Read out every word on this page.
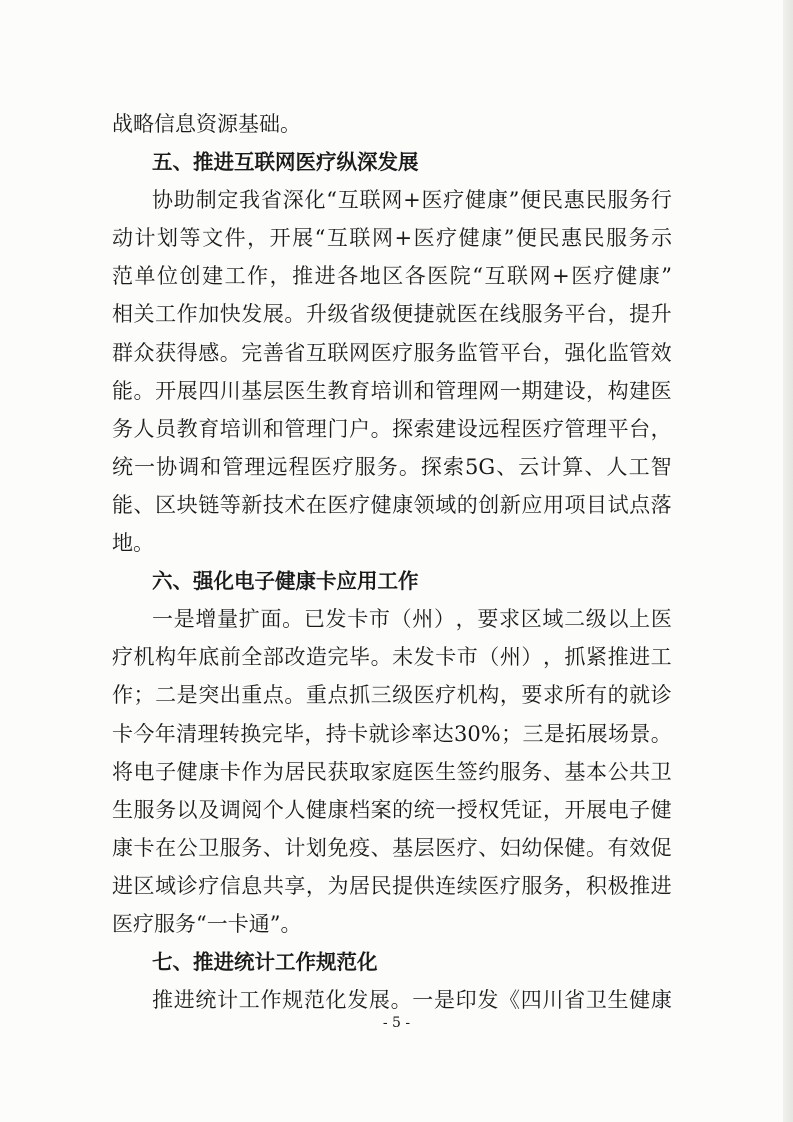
战略信息资源基础。
五、推进互联网医疗纵深发展
协 助 制 定 我 省 深 化 “ 互 联 网 + 医 疗 健 康 ” 便 民 惠 民 服 务 行
动 计 划 等 文 件 ， 开 展 “ 互 联 网 + 医 疗 健 康 ” 便 民 惠 民 服 务 示
范 单 位 创 建 工 作 ， 推 进 各 地 区 各 医 院 “ 互 联 网 + 医 疗 健 康 ”
相 关 工 作 加 快 发 展 。 升 级 省 级 便 捷 就 医 在 线 服 务 平 台 ， 提 升
群 众 获 得 感 。 完 善 省 互 联 网 医 疗 服 务 监 管 平 台 ， 强 化 监 管 效
能 。 开 展 四 川 基 层 医 生 教 育 培 训 和 管 理 网 一 期 建 设 ， 构 建 医
务 人 员 教 育 培 训 和 管 理 门 户 。 探 索 建 设 远 程 医 疗 管 理 平 台 ，
统 一 协 调 和 管 理 远 程 医 疗 服 务 。 探 索 5G 、 云 计 算 、 人 工 智
能 、 区 块 链 等 新 技 术 在 医 疗 健 康 领 域 的 创 新 应 用 项 目 试 点 落
地。
六、强化电子健康卡应用工作
一 是 增 量 扩 面 。 已 发 卡 市 （ 州 ） ， 要 求 区 域 二 级 以 上 医
疗 机 构 年 底 前 全 部 改 造 完 毕 。 未 发 卡 市 （ 州 ） ， 抓 紧 推 进 工
作 ； 二 是 突 出 重 点 。 重 点 抓 三 级 医 疗 机 构 ， 要 求 所 有 的 就 诊
卡 今 年 清 理 转 换 完 毕 ， 持 卡 就 诊 率 达 30% ； 三 是 拓 展 场 景 。
将 电 子 健 康 卡 作 为 居 民 获 取 家 庭 医 生 签 约 服 务 、 基 本 公 共 卫
生 服 务 以 及 调 阅 个 人 健 康 档 案 的 统 一 授 权 凭 证 ， 开 展 电 子 健
康 卡 在 公 卫 服 务 、 计 划 免 疫 、 基 层 医 疗 、 妇 幼 保 健 。 有 效 促
进 区 域 诊 疗 信 息 共 享 ， 为 居 民 提 供 连 续 医 疗 服 务 ， 积 极 推 进
医疗服务“一卡通”。
七、推进统计工作规范化
推 进 统 计 工 作 规 范 化 发 展 。 一 是 印 发 《 四 川 省 卫 生 健 康
- 5 -
